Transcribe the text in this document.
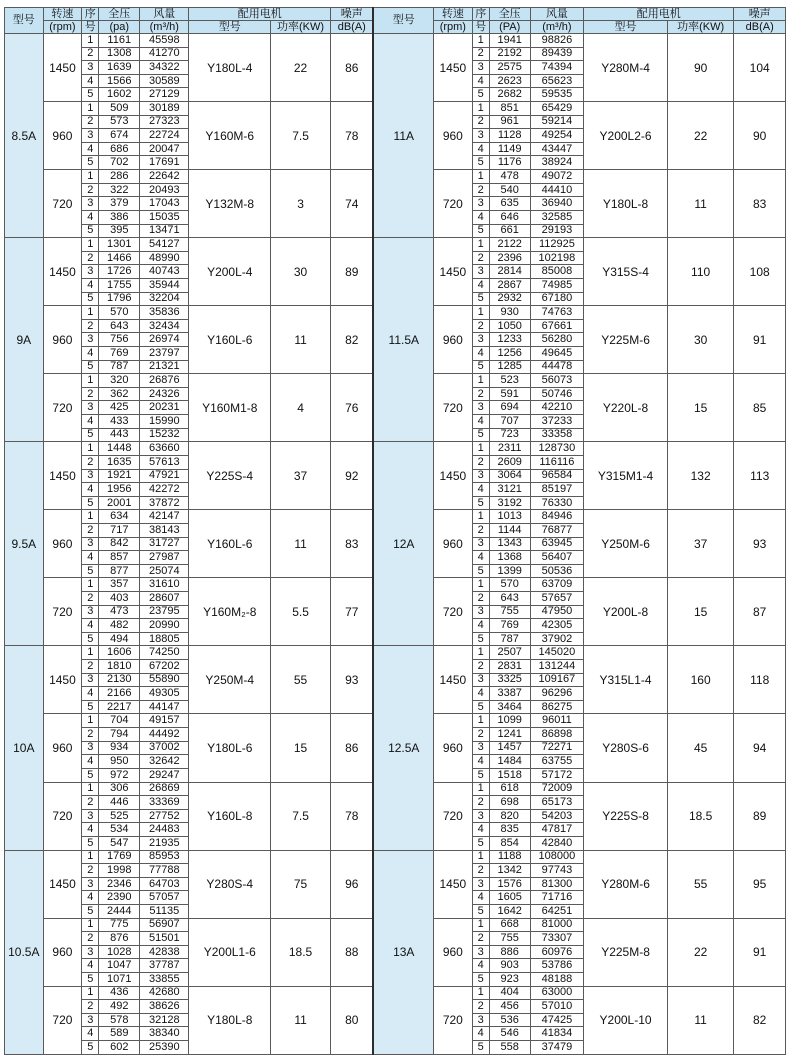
型号	转速	序	全压	风量	配用电机		噪声	型号	转速	序	全压	风量	配用电机		噪声
	(rpm)	号	(pa)	(m³/h)	型号	功率(KW)	dB(A)		(rpm)	号	(PA)	(m³/h)	型号	功率(KW)	dB(A)
8.5A	1450	1	1161	45598	Y180L-4	22	86	11A	1450	1	1941	98826	Y280M-4	90	104
		2	1308	41270						2	2192	89439			
		3	1639	34322						3	2575	74394			
		4	1566	30589						4	2623	65623			
		5	1602	27129						5	2682	59535			
	960	1	509	30189	Y160M-6	7.5	78		960	1	851	65429	Y200L2-6	22	90
		2	573	27323						2	961	59214			
		3	674	22724						3	1128	49254			
		4	686	20047						4	1149	43447			
		5	702	17691						5	1176	38924			
	720	1	286	22642	Y132M-8	3	74		720	1	478	49072	Y180L-8	11	83
		2	322	20493						2	540	44410			
		3	379	17043						3	635	36940			
		4	386	15035						4	646	32585			
		5	395	13471						5	661	29193			
9A	1450	1	1301	54127	Y200L-4	30	89	11.5A	1450	1	2122	112925	Y315S-4	110	108
		2	1466	48990						2	2396	102198			
		3	1726	40743						3	2814	85008			
		4	1755	35944						4	2867	74985			
		5	1796	32204						5	2932	67180			
	960	1	570	35836	Y160L-6	11	82		960	1	930	74763	Y225M-6	30	91
		2	643	32434						2	1050	67661			
		3	756	26974						3	1233	56280			
		4	769	23797						4	1256	49645			
		5	787	21321						5	1285	44478			
	720	1	320	26876	Y160M1-8	4	76		720	1	523	56073	Y220L-8	15	85
		2	362	24326						2	591	50746			
		3	425	20231						3	694	42210			
		4	433	15990						4	707	37233			
		5	443	15232						5	723	33358			
9.5A	1450	1	1448	63660	Y225S-4	37	92	12A	1450	1	2311	128730	Y315M1-4	132	113
		2	1635	57613						2	2609	116116			
		3	1921	47921						3	3064	96584			
		4	1956	42272						4	3121	85197			
		5	2001	37872						5	3192	76330			
	960	1	634	42147	Y160L-6	11	83		960	1	1013	84946	Y250M-6	37	93
		2	717	38143						2	1144	76877			
		3	842	31727						3	1343	63945			
		4	857	27987						4	1368	56407			
		5	877	25074						5	1399	50536			
	720	1	357	31610	Y160M₂-8	5.5	77		720	1	570	63709	Y200L-8	15	87
		2	403	28607						2	643	57657			
		3	473	23795						3	755	47950			
		4	482	20990						4	769	42305			
		5	494	18805						5	787	37902			
10A	1450	1	1606	74250	Y250M-4	55	93	12.5A	1450	1	2507	145020	Y315L1-4	160	118
		2	1810	67202						2	2831	131244			
		3	2130	55890						3	3325	109167			
		4	2166	49305						4	3387	96296			
		5	2217	44147						5	3464	86275			
	960	1	704	49157	Y180L-6	15	86		960	1	1099	96011	Y280S-6	45	94
		2	794	44492						2	1241	86898			
		3	934	37002						3	1457	72271			
		4	950	32642						4	1484	63755			
		5	972	29247						5	1518	57172			
	720	1	306	26869	Y160L-8	7.5	78		720	1	618	72009	Y225S-8	18.5	89
		2	446	33369						2	698	65173			
		3	525	27752						3	820	54203			
		4	534	24483						4	835	47817			
		5	547	21935						5	854	42840			
10.5A	1450	1	1769	85953	Y280S-4	75	96	13A	1450	1	1188	108000	Y280M-6	55	95
		2	1998	77788						2	1342	97743			
		3	2346	64703						3	1576	81300			
		4	2390	57057						4	1605	71716			
		5	2444	51135						5	1642	64251			
	960	1	775	56907	Y200L1-6	18.5	88		960	1	668	81000	Y225M-8	22	91
		2	876	51501						2	755	73307			
		3	1028	42838						3	886	60976			
		4	1047	37787						4	903	53786			
		5	1071	33855						5	923	48188			
	720	1	436	42680	Y180L-8	11	80		720	1	404	63000	Y200L-10	11	82
		2	492	38626						2	456	57010			
		3	578	32128						3	536	47425			
		4	589	38340						4	546	41834			
		5	602	25390						5	558	37479			
